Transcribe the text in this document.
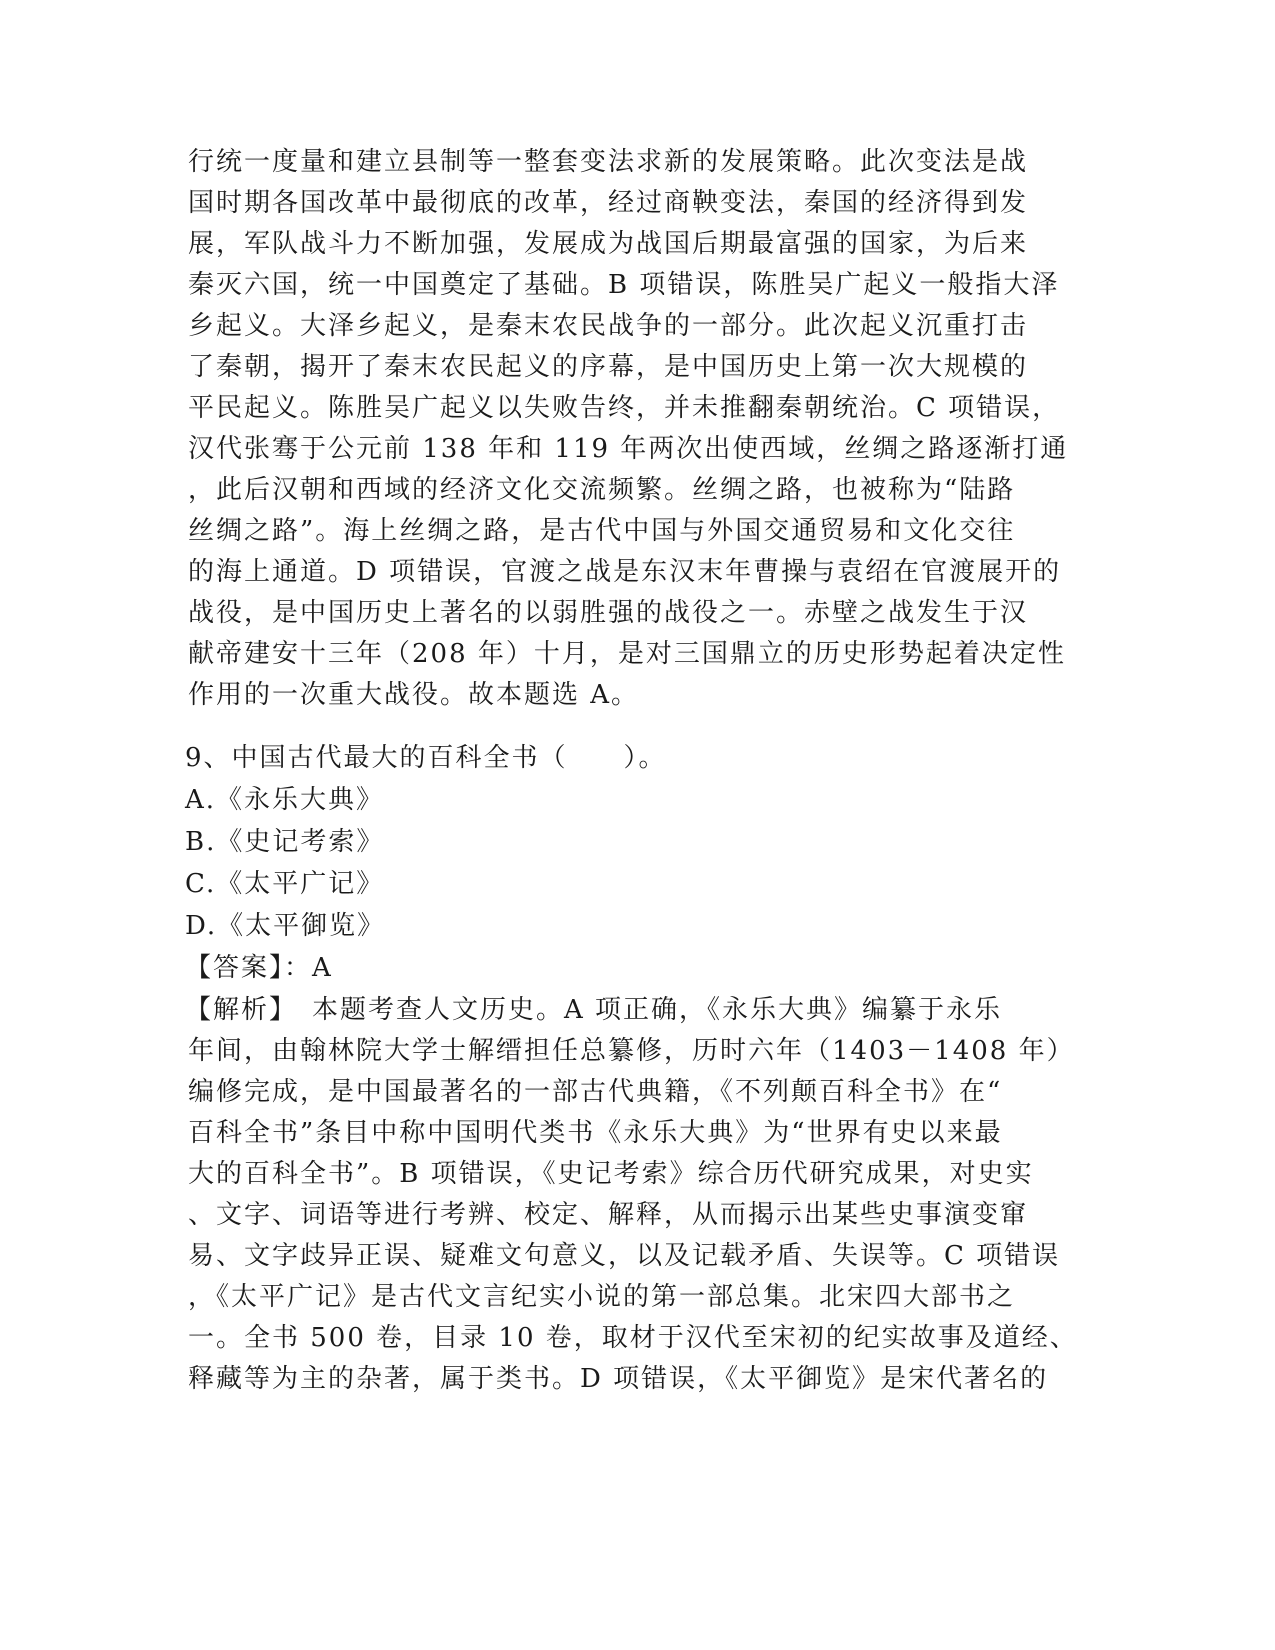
行统一度量和建立县制等一整套变法求新的发展策略。此次变法是战
国时期各国改革中最彻底的改革，经过商鞅变法，秦国的经济得到发
展，军队战斗力不断加强，发展成为战国后期最富强的国家，为后来
秦灭六国，统一中国奠定了基础。B 项错误，陈胜吴广起义一般指大泽
乡起义。大泽乡起义，是秦末农民战争的一部分。此次起义沉重打击
了秦朝，揭开了秦末农民起义的序幕，是中国历史上第一次大规模的
平民起义。陈胜吴广起义以失败告终，并未推翻秦朝统治。C 项错误，
汉代张骞于公元前 138 年和 119 年两次出使西域，丝绸之路逐渐打通
，此后汉朝和西域的经济文化交流频繁。丝绸之路，也被称为“陆路
丝绸之路”。海上丝绸之路，是古代中国与外国交通贸易和文化交往
的海上通道。D 项错误，官渡之战是东汉末年曹操与袁绍在官渡展开的
战役，是中国历史上著名的以弱胜强的战役之一。赤壁之战发生于汉
献帝建安十三年（208 年）十月，是对三国鼎立的历史形势起着决定性
作用的一次重大战役。故本题选 A。
9、中国古代最大的百科全书（　　）。
A.《永乐大典》
B.《史记考索》
C.《太平广记》
D.《太平御览》
【答案】：A
【解析】　本题考查人文历史。A 项正确，《永乐大典》编纂于永乐
年间，由翰林院大学士解缙担任总纂修，历时六年（1403－1408 年）
编修完成，是中国最著名的一部古代典籍，《不列颠百科全书》在“
百科全书”条目中称中国明代类书《永乐大典》为“世界有史以来最
大的百科全书”。B 项错误，《史记考索》综合历代研究成果，对史实
、文字、词语等进行考辨、校定、解释，从而揭示出某些史事演变窜
易、文字歧异正误、疑难文句意义，以及记载矛盾、失误等。C 项错误
，《太平广记》是古代文言纪实小说的第一部总集。北宋四大部书之
一。全书 500 卷，目录 10 卷，取材于汉代至宋初的纪实故事及道经、
释藏等为主的杂著，属于类书。D 项错误，《太平御览》是宋代著名的
